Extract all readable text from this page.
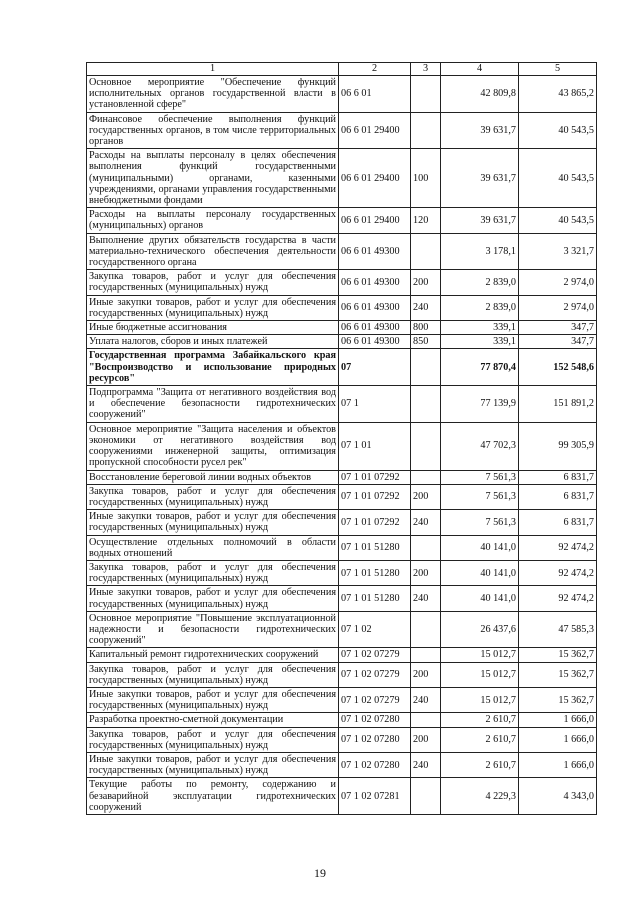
1	2	3	4	5
Основное мероприятие "Обеспечение функций исполнительных органов государственной власти в установленной сфере"	06 6 01		42 809,8	43 865,2
Финансовое обеспечение выполнения функций государственных органов, в том числе территориальных органов	06 6 01 29400		39 631,7	40 543,5
Расходы на выплаты персоналу в целях обеспечения выполнения функций государственными (муниципальными) органами, казенными учреждениями, органами управления государственными внебюджетными фондами	06 6 01 29400	100	39 631,7	40 543,5
Расходы на выплаты персоналу государственных (муниципальных) органов	06 6 01 29400	120	39 631,7	40 543,5
Выполнение других обязательств государства в части материально-технического обеспечения деятельности государственного органа	06 6 01 49300		3 178,1	3 321,7
Закупка товаров, работ и услуг для обеспечения государственных (муниципальных) нужд	06 6 01 49300	200	2 839,0	2 974,0
Иные закупки товаров, работ и услуг для обеспечения государственных (муниципальных) нужд	06 6 01 49300	240	2 839,0	2 974,0
Иные бюджетные ассигнования	06 6 01 49300	800	339,1	347,7
Уплата налогов, сборов и иных платежей	06 6 01 49300	850	339,1	347,7
Государственная программа Забайкальского края "Воспроизводство и использование природных ресурсов"	07		77 870,4	152 548,6
Подпрограмма "Защита от негативного воздействия вод и обеспечение безопасности гидротехнических сооружений"	07 1		77 139,9	151 891,2
Основное мероприятие "Защита населения и объектов экономики от негативного воздействия вод сооружениями инженерной защиты, оптимизация пропускной способности русел рек"	07 1 01		47 702,3	99 305,9
Восстановление береговой линии водных объектов	07 1 01 07292		7 561,3	6 831,7
Закупка товаров, работ и услуг для обеспечения государственных (муниципальных) нужд	07 1 01 07292	200	7 561,3	6 831,7
Иные закупки товаров, работ и услуг для обеспечения государственных (муниципальных) нужд	07 1 01 07292	240	7 561,3	6 831,7
Осуществление отдельных полномочий в области водных отношений	07 1 01 51280		40 141,0	92 474,2
Закупка товаров, работ и услуг для обеспечения государственных (муниципальных) нужд	07 1 01 51280	200	40 141,0	92 474,2
Иные закупки товаров, работ и услуг для обеспечения государственных (муниципальных) нужд	07 1 01 51280	240	40 141,0	92 474,2
Основное мероприятие "Повышение эксплуатационной надежности и безопасности гидротехнических сооружений"	07 1 02		26 437,6	47 585,3
Капитальный ремонт гидротехнических сооружений	07 1 02 07279		15 012,7	15 362,7
Закупка товаров, работ и услуг для обеспечения государственных (муниципальных) нужд	07 1 02 07279	200	15 012,7	15 362,7
Иные закупки товаров, работ и услуг для обеспечения государственных (муниципальных) нужд	07 1 02 07279	240	15 012,7	15 362,7
Разработка проектно-сметной документации	07 1 02 07280		2 610,7	1 666,0
Закупка товаров, работ и услуг для обеспечения государственных (муниципальных) нужд	07 1 02 07280	200	2 610,7	1 666,0
Иные закупки товаров, работ и услуг для обеспечения государственных (муниципальных) нужд	07 1 02 07280	240	2 610,7	1 666,0
Текущие работы по ремонту, содержанию и безаварийной эксплуатации гидротехнических сооружений	07 1 02 07281		4 229,3	4 343,0
19
